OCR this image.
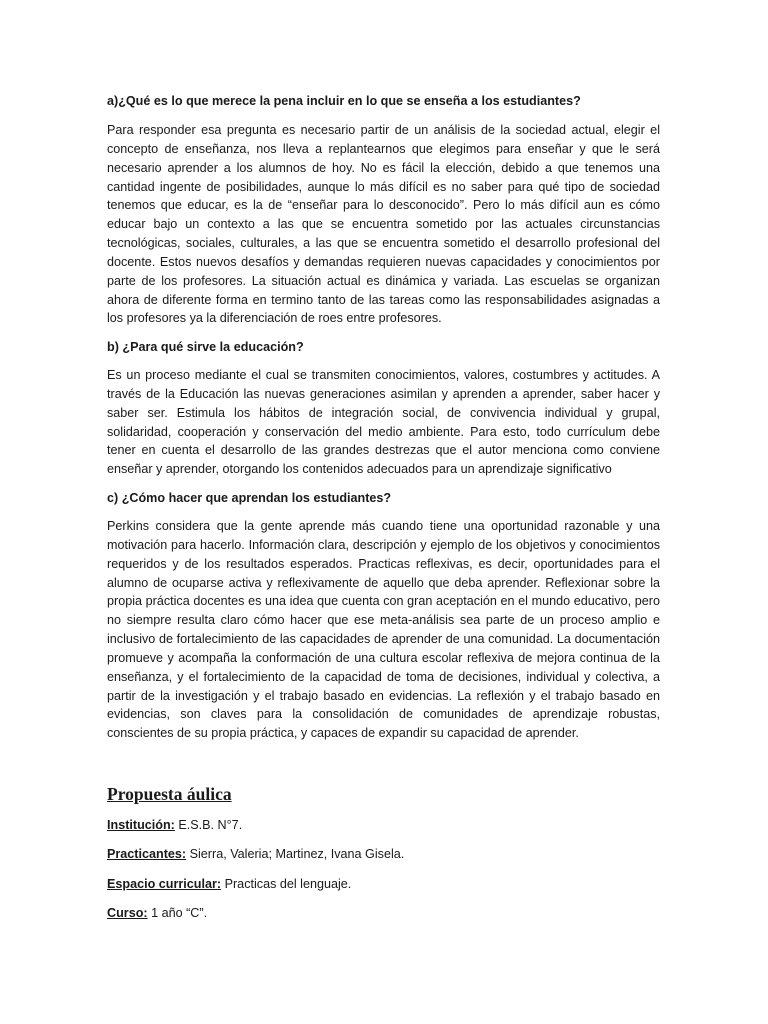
a)¿Qué es lo que merece la pena incluir en lo que se enseña a los estudiantes?

Para responder esa pregunta es necesario partir de un análisis de la sociedad actual, elegir el concepto de enseñanza, nos lleva a replantearnos que elegimos para enseñar y que le será necesario aprender a los alumnos de hoy. No es fácil la elección, debido a que tenemos una cantidad ingente de posibilidades, aunque lo más difícil es no saber para qué tipo de sociedad tenemos que educar, es la de “enseñar para lo desconocido”. Pero lo más difícil aun es cómo educar bajo un contexto a las que se encuentra sometido por las actuales circunstancias tecnológicas, sociales, culturales, a las que se encuentra sometido el desarrollo profesional del docente. Estos nuevos desafíos y demandas requieren nuevas capacidades y conocimientos por parte de los profesores. La situación actual es dinámica y variada. Las escuelas se organizan ahora de diferente forma en termino tanto de las tareas como las responsabilidades asignadas a los profesores ya la diferenciación de roes entre profesores.

b) ¿Para qué sirve la educación?

Es un proceso mediante el cual se transmiten conocimientos, valores, costumbres y actitudes. A través de la Educación las nuevas generaciones asimilan y aprenden a aprender, saber hacer y saber ser. Estimula los hábitos de integración social, de convivencia individual y grupal, solidaridad, cooperación y conservación del medio ambiente. Para esto, todo currículum debe tener en cuenta el desarrollo de las grandes destrezas que el autor menciona como conviene enseñar y aprender, otorgando los contenidos adecuados para un aprendizaje significativo

c) ¿Cómo hacer que aprendan los estudiantes?

Perkins considera que la gente aprende más cuando tiene una oportunidad razonable y una motivación para hacerlo. Información clara, descripción y ejemplo de los objetivos y conocimientos requeridos y de los resultados esperados. Practicas reflexivas, es decir, oportunidades para el alumno de ocuparse activa y reflexivamente de aquello que deba aprender. Reflexionar sobre la propia práctica docentes es una idea que cuenta con gran aceptación en el mundo educativo, pero no siempre resulta claro cómo hacer que ese meta-análisis sea parte de un proceso amplio e inclusivo de fortalecimiento de las capacidades de aprender de una comunidad. La documentación promueve y acompaña la conformación de una cultura escolar reflexiva de mejora continua de la enseñanza, y el fortalecimiento de la capacidad de toma de decisiones, individual y colectiva, a partir de la investigación y el trabajo basado en evidencias. La reflexión y el trabajo basado en evidencias, son claves para la consolidación de comunidades de aprendizaje robustas, conscientes de su propia práctica, y capaces de expandir su capacidad de aprender.

Propuesta áulica

Institución: E.S.B. N°7.

Practicantes: Sierra, Valeria; Martinez, Ivana Gisela.

Espacio curricular: Practicas del lenguaje.

Curso: 1 año “C”.
